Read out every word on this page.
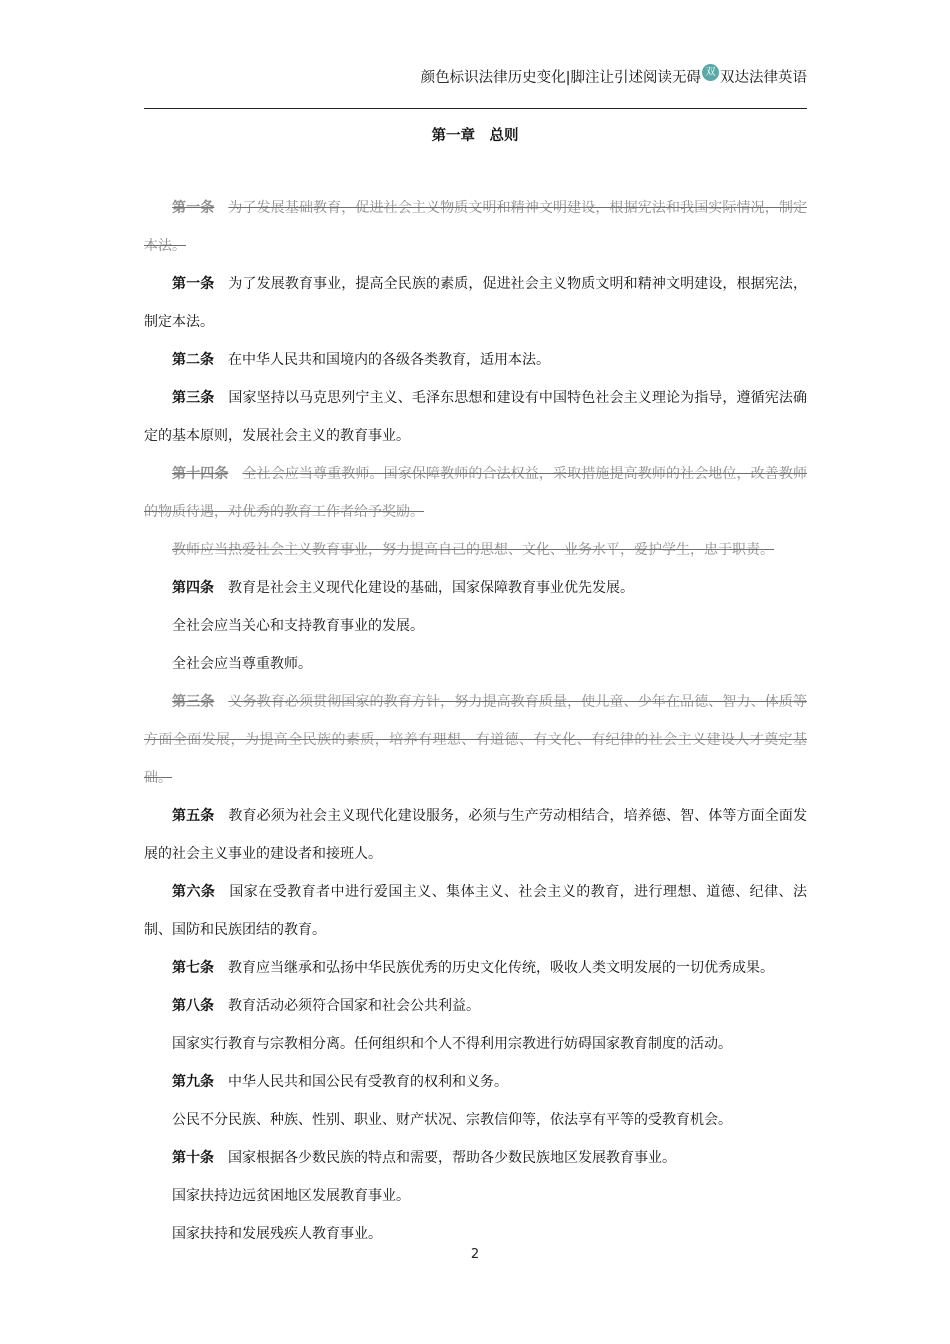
颜色标识法律历史变化|脚注让引述阅读无碍 双 双达法律英语
第一章　总则

第一条 为了发展基础教育，促进社会主义物质文明和精神文明建设，根据宪法和我国实际情况，制定本法。

第一条 为了发展教育事业，提高全民族的素质，促进社会主义物质文明和精神文明建设，根据宪法，制定本法。

第二条 在中华人民共和国境内的各级各类教育，适用本法。

第三条 国家坚持以马克思列宁主义、毛泽东思想和建设有中国特色社会主义理论为指导，遵循宪法确定的基本原则，发展社会主义的教育事业。

第十四条 全社会应当尊重教师。国家保障教师的合法权益，采取措施提高教师的社会地位，改善教师的物质待遇，对优秀的教育工作者给予奖励。

教师应当热爱社会主义教育事业，努力提高自己的思想、文化、业务水平，爱护学生，忠于职责。

第四条 教育是社会主义现代化建设的基础，国家保障教育事业优先发展。

全社会应当关心和支持教育事业的发展。

全社会应当尊重教师。

第三条 义务教育必须贯彻国家的教育方针，努力提高教育质量，使儿童、少年在品德、智力、体质等方面全面发展，为提高全民族的素质，培养有理想、有道德、有文化、有纪律的社会主义建设人才奠定基础。

第五条 教育必须为社会主义现代化建设服务，必须与生产劳动相结合，培养德、智、体等方面全面发展的社会主义事业的建设者和接班人。

第六条 国家在受教育者中进行爱国主义、集体主义、社会主义的教育，进行理想、道德、纪律、法制、国防和民族团结的教育。

第七条 教育应当继承和弘扬中华民族优秀的历史文化传统，吸收人类文明发展的一切优秀成果。

第八条 教育活动必须符合国家和社会公共利益。

国家实行教育与宗教相分离。任何组织和个人不得利用宗教进行妨碍国家教育制度的活动。

第九条 中华人民共和国公民有受教育的权利和义务。

公民不分民族、种族、性别、职业、财产状况、宗教信仰等，依法享有平等的受教育机会。

第十条 国家根据各少数民族的特点和需要，帮助各少数民族地区发展教育事业。

国家扶持边远贫困地区发展教育事业。

国家扶持和发展残疾人教育事业。

2
